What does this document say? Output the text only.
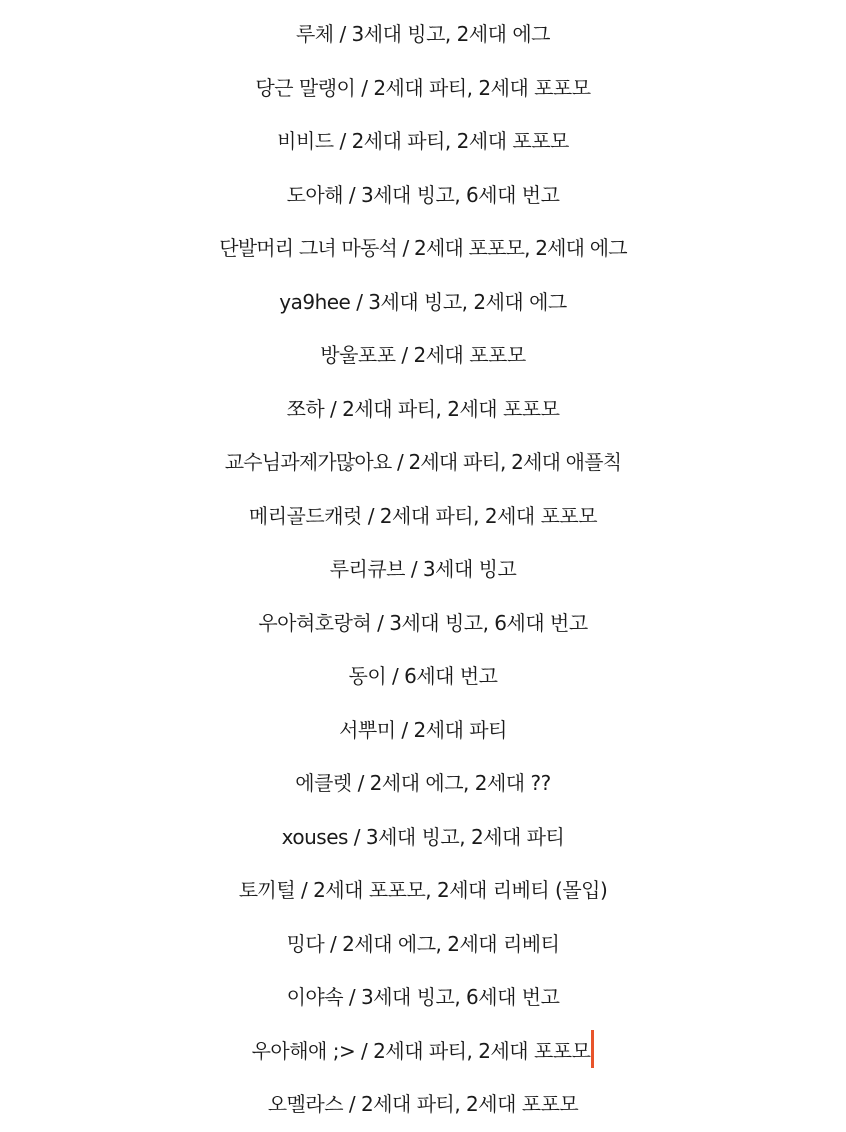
루체 / 3세대 빙고, 2세대 에그
당근 말랭이 / 2세대 파티, 2세대 포포모
비비드 / 2세대 파티, 2세대 포포모
도아해 / 3세대 빙고, 6세대 번고
단발머리 그녀 마동석 / 2세대 포포모, 2세대 에그
ya9hee / 3세대 빙고, 2세대 에그
방울포포 / 2세대 포포모
쪼하 / 2세대 파티, 2세대 포포모
교수님과제가많아요 / 2세대 파티, 2세대 애플칙
메리골드캐럿 / 2세대 파티, 2세대 포포모
루리큐브 / 3세대 빙고
우아혀호랑혀 / 3세대 빙고, 6세대 번고
동이 / 6세대 번고
서뿌미 / 2세대 파티
에클렛 / 2세대 에그, 2세대 ??
xouses / 3세대 빙고, 2세대 파티
토끼털 / 2세대 포포모, 2세대 리베티 (몰입)
밍다 / 2세대 에그, 2세대 리베티
이야속 / 3세대 빙고, 6세대 번고
우아해애 ;> / 2세대 파티, 2세대 포포모
오멜라스 / 2세대 파티, 2세대 포포모
